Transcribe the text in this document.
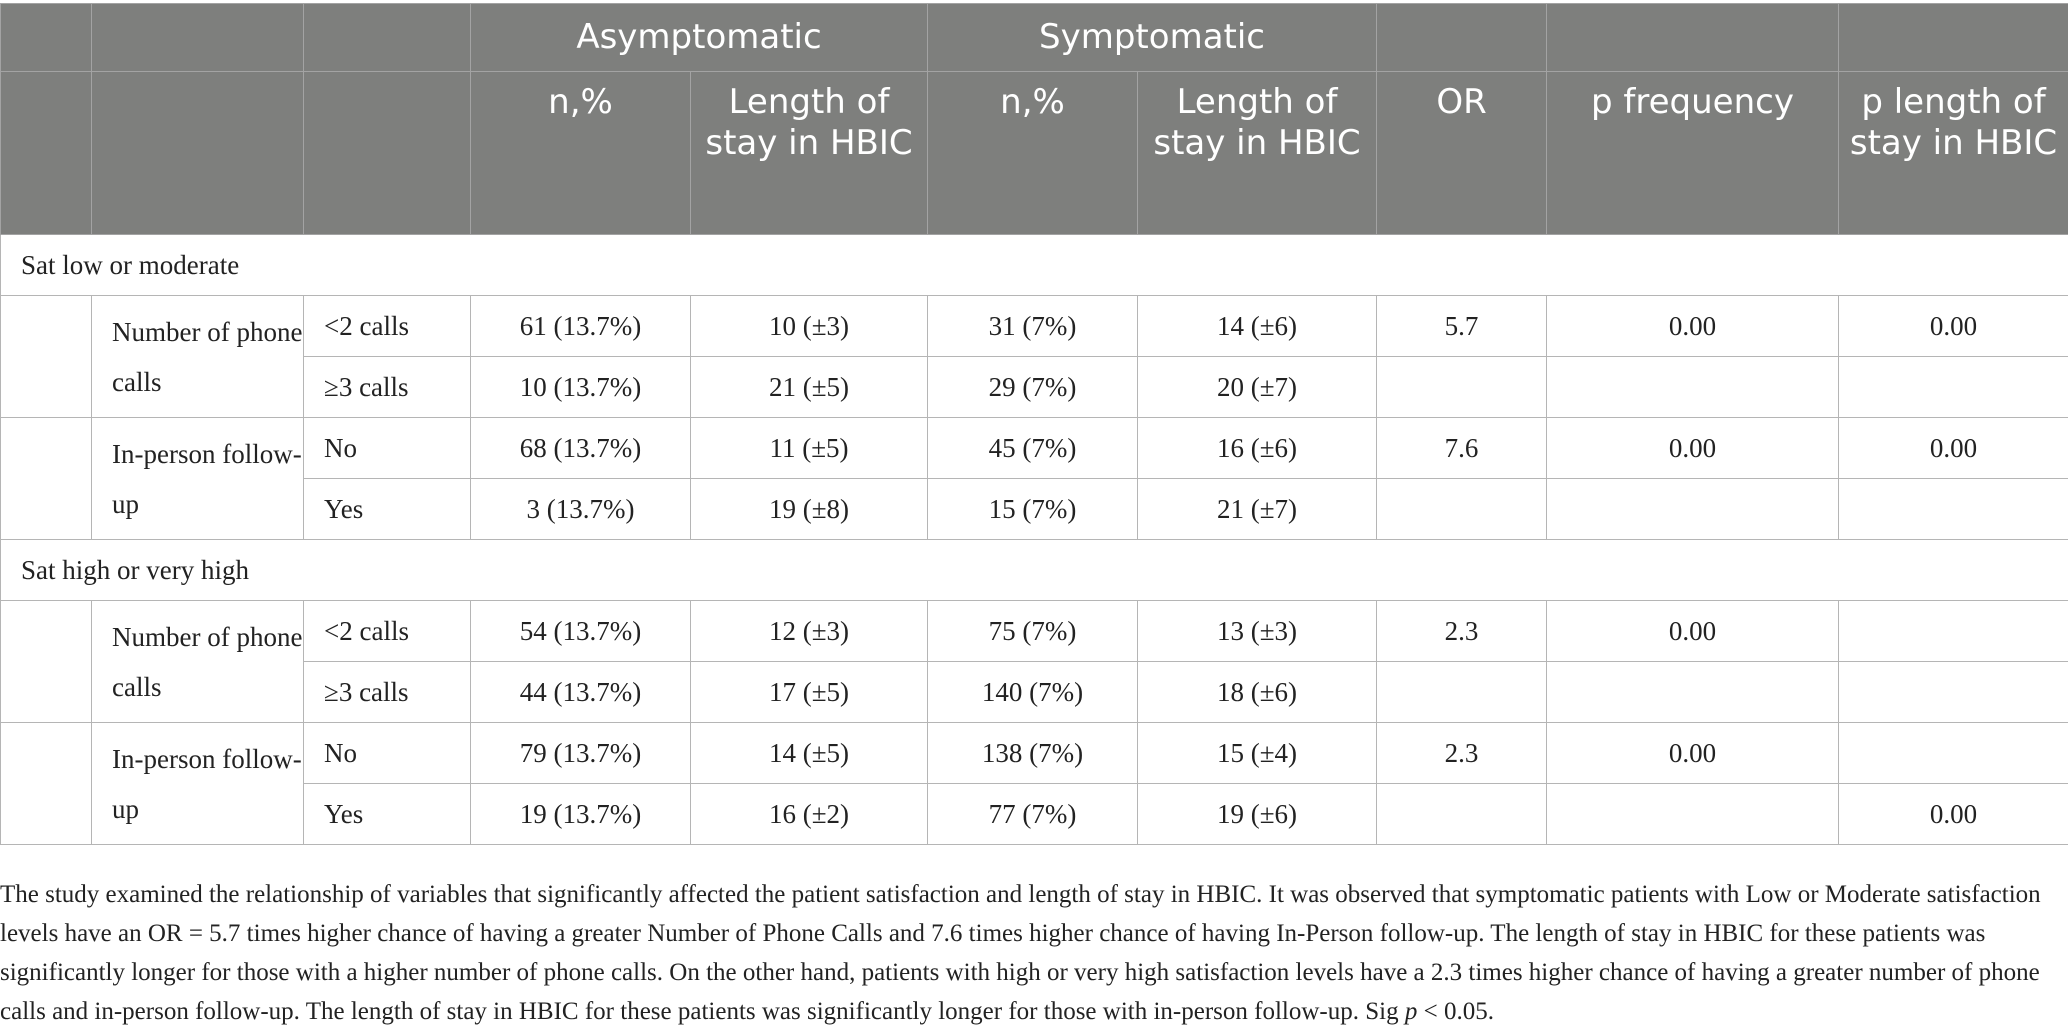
			Asymptomatic		Symptomatic				
			n,%	Length of stay in HBIC	n,%	Length of stay in HBIC	OR	p frequency	p length of stay in HBIC
Sat low or moderate									
	Number of phone calls	<2 calls	61 (13.7%)	10 (±3)	31 (7%)	14 (±6)	5.7	0.00	0.00
		≥3 calls	10 (13.7%)	21 (±5)	29 (7%)	20 (±7)			
	In-person follow-up	No	68 (13.7%)	11 (±5)	45 (7%)	16 (±6)	7.6	0.00	0.00
		Yes	3 (13.7%)	19 (±8)	15 (7%)	21 (±7)			
Sat high or very high									
	Number of phone calls	<2 calls	54 (13.7%)	12 (±3)	75 (7%)	13 (±3)	2.3	0.00	
		≥3 calls	44 (13.7%)	17 (±5)	140 (7%)	18 (±6)			
	In-person follow-up	No	79 (13.7%)	14 (±5)	138 (7%)	15 (±4)	2.3	0.00	
		Yes	19 (13.7%)	16 (±2)	77 (7%)	19 (±6)			0.00

The study examined the relationship of variables that significantly affected the patient satisfaction and length of stay in HBIC. It was observed that symptomatic patients with Low or Moderate satisfaction levels have an OR = 5.7 times higher chance of having a greater Number of Phone Calls and 7.6 times higher chance of having In-Person follow-up. The length of stay in HBIC for these patients was significantly longer for those with a higher number of phone calls. On the other hand, patients with high or very high satisfaction levels have a 2.3 times higher chance of having a greater number of phone calls and in-person follow-up. The length of stay in HBIC for these patients was significantly longer for those with in-person follow-up. Sig p < 0.05.
